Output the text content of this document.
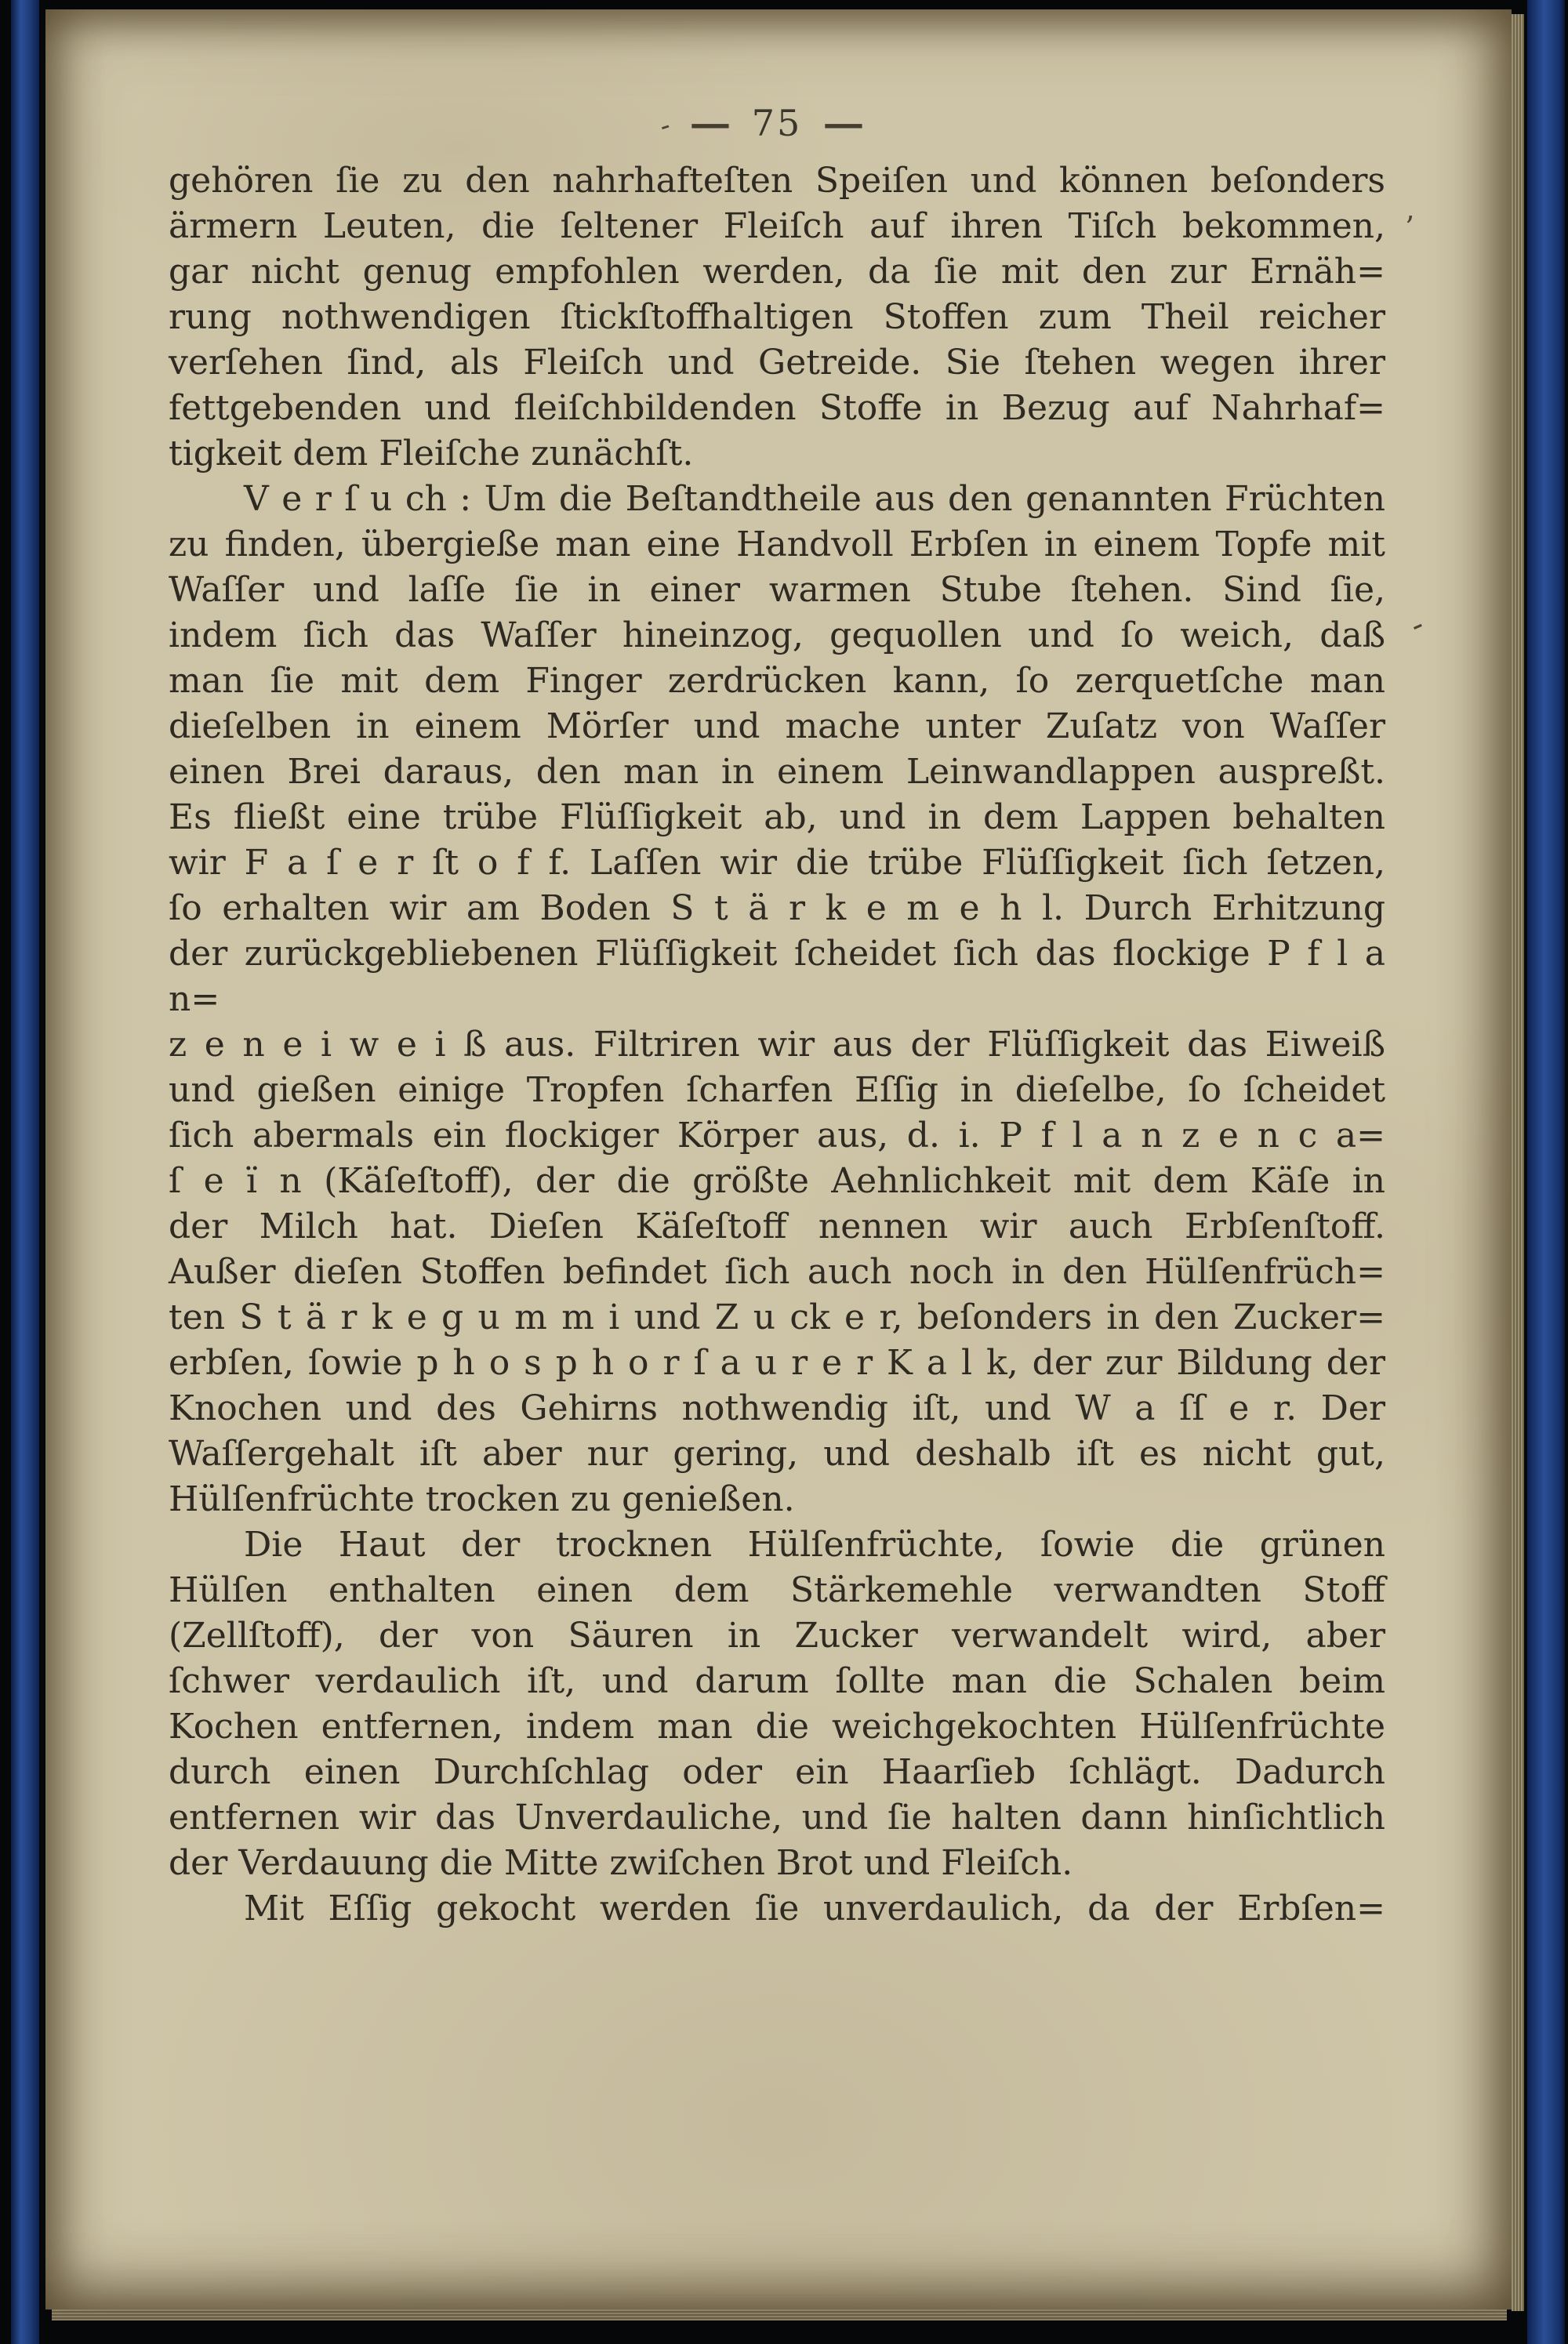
— 75 —
-
’
-
gehören ſie zu den nahrhafteſten Speiſen und können beſonders
ärmern Leuten, die ſeltener Fleiſch auf ihren Tiſch bekommen,
gar nicht genug empfohlen werden, da ſie mit den zur Ernäh=
rung nothwendigen ſtickſtoffhaltigen Stoffen zum Theil reicher
verſehen ſind, als Fleiſch und Getreide. Sie ſtehen wegen ihrer
fettgebenden und fleiſchbildenden Stoffe in Bezug auf Nahrhaf=
tigkeit dem Fleiſche zunächſt.
V e r ſ u ch : Um die Beſtandtheile aus den genannten Früchten
zu finden, übergieße man eine Handvoll Erbſen in einem Topfe mit
Waſſer und laſſe ſie in einer warmen Stube ſtehen. Sind ſie,
indem ſich das Waſſer hineinzog, gequollen und ſo weich, daß
man ſie mit dem Finger zerdrücken kann, ſo zerquetſche man
dieſelben in einem Mörſer und mache unter Zuſatz von Waſſer
einen Brei daraus, den man in einem Leinwandlappen auspreßt.
Es fließt eine trübe Flüſſigkeit ab, und in dem Lappen behalten
wir F a ſ e r ſt o f f. Laſſen wir die trübe Flüſſigkeit ſich ſetzen,
ſo erhalten wir am Boden S t ä r k e m e h l. Durch Erhitzung
der zurückgebliebenen Flüſſigkeit ſcheidet ſich das flockige P f l a n=
z e n e i w e i ß aus. Filtriren wir aus der Flüſſigkeit das Eiweiß
und gießen einige Tropfen ſcharfen Eſſig in dieſelbe, ſo ſcheidet
ſich abermals ein flockiger Körper aus, d. i. P f l a n z e n c a=
ſ e ï n (Käſeſtoff), der die größte Aehnlichkeit mit dem Käſe in
der Milch hat. Dieſen Käſeſtoff nennen wir auch Erbſenſtoff.
Außer dieſen Stoffen befindet ſich auch noch in den Hülſenfrüch=
ten S t ä r k e g u m m i und Z u ck e r, beſonders in den Zucker=
erbſen, ſowie p h o s p h o r ſ a u r e r K a l k, der zur Bildung der
Knochen und des Gehirns nothwendig iſt, und W a ſſ e r. Der
Waſſergehalt iſt aber nur gering, und deshalb iſt es nicht gut,
Hülſenfrüchte trocken zu genießen.
Die Haut der trocknen Hülſenfrüchte, ſowie die grünen
Hülſen enthalten einen dem Stärkemehle verwandten Stoff
(Zellſtoff), der von Säuren in Zucker verwandelt wird, aber
ſchwer verdaulich iſt, und darum ſollte man die Schalen beim
Kochen entfernen, indem man die weichgekochten Hülſenfrüchte
durch einen Durchſchlag oder ein Haarſieb ſchlägt. Dadurch
entfernen wir das Unverdauliche, und ſie halten dann hinſichtlich
der Verdauung die Mitte zwiſchen Brot und Fleiſch.
Mit Eſſig gekocht werden ſie unverdaulich, da der Erbſen=
